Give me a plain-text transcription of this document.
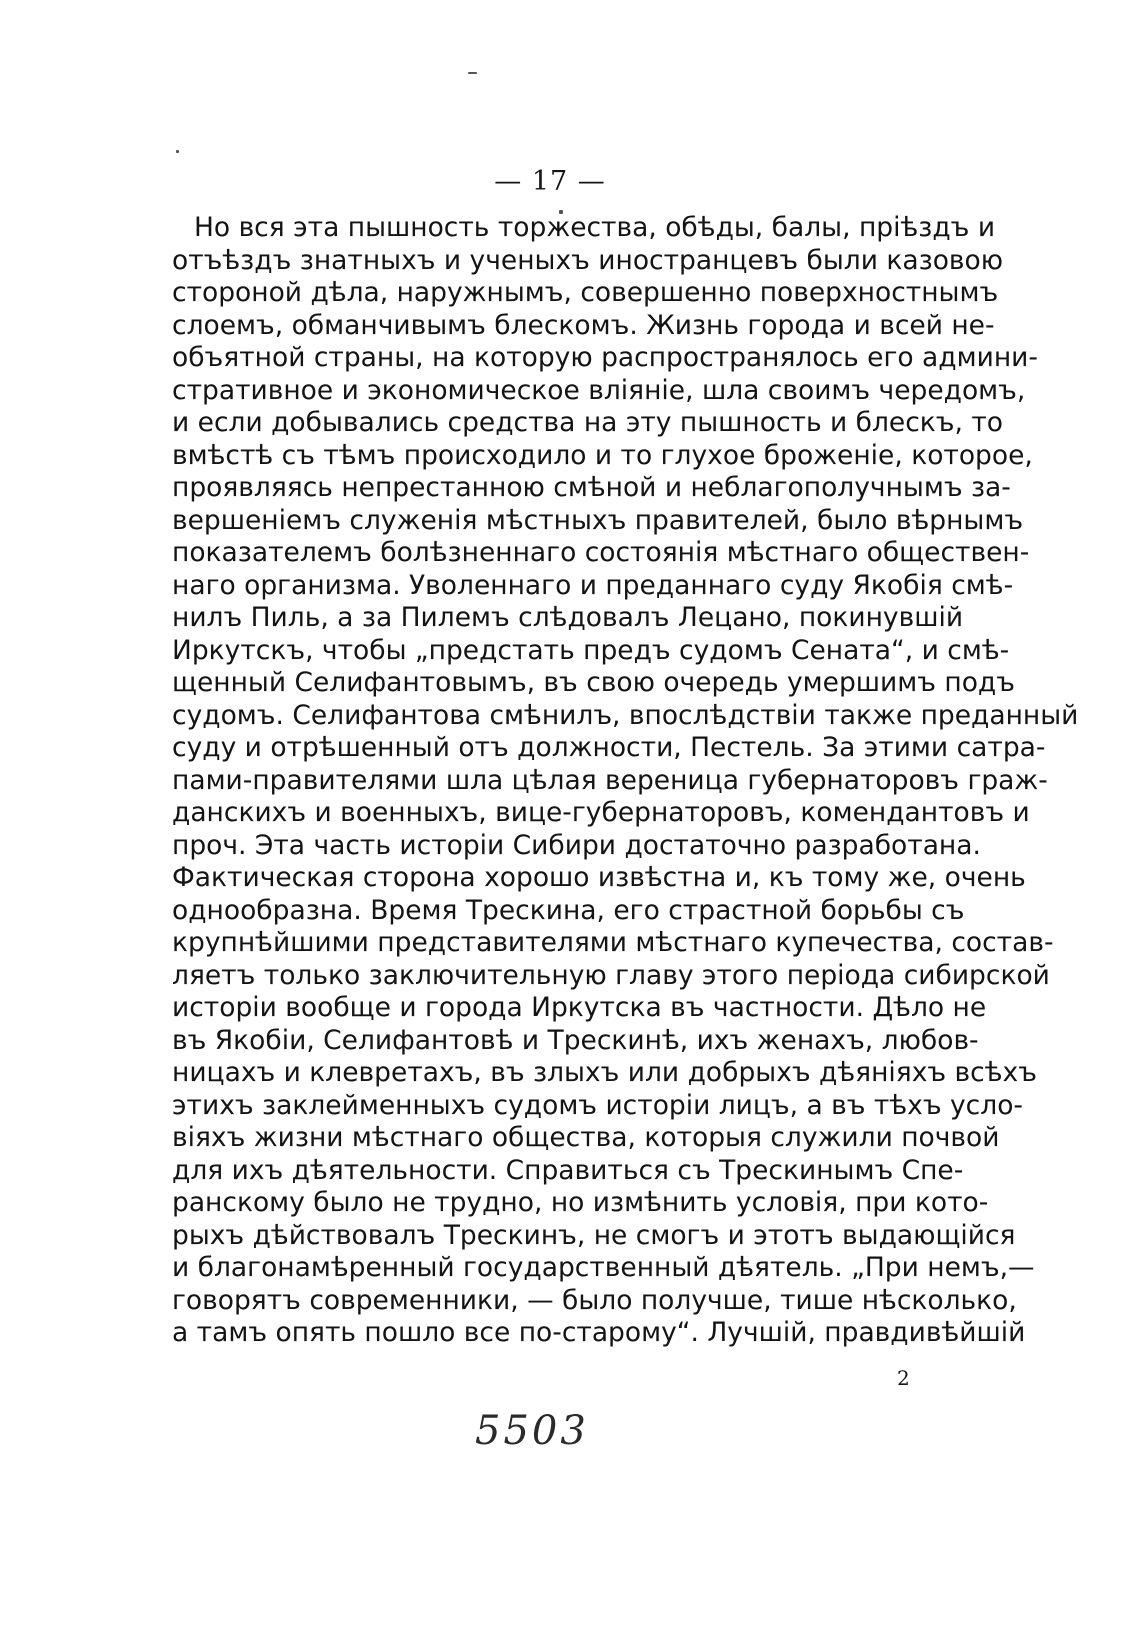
— 17 —
Но вся эта пышность торжества, обѣды, балы, прiѣздъ и
отъѣздъ знатныхъ и ученыхъ иностранцевъ были казовою
стороной дѣла, наружнымъ, совершенно поверхностнымъ
слоемъ, обманчивымъ блескомъ. Жизнь города и всей не-
объятной страны, на которую распространялось его админи-
стративное и экономическое влiянiе, шла своимъ чередомъ,
и если добывались средства на эту пышность и блескъ, то
вмѣстѣ съ тѣмъ происходило и то глухое броженiе, которое,
проявляясь непрестанною смѣной и неблагополучнымъ за-
вершенiемъ служенiя мѣстныхъ правителей, было вѣрнымъ
показателемъ болѣзненнаго состоянiя мѣстнаго обществен-
наго организма. Уволеннаго и преданнаго суду Якобiя смѣ-
нилъ Пиль, а за Пилемъ слѣдовалъ Лецано, покинувшiй
Иркутскъ, чтобы „предстать предъ судомъ Сената“, и смѣ-
щенный Селифантовымъ, въ свою очередь умершимъ подъ
судомъ. Селифантова смѣнилъ, впослѣдствiи также преданный
суду и отрѣшенный отъ должности, Пестель. За этими сатра-
пами-правителями шла цѣлая вереница губернаторовъ граж-
данскихъ и военныхъ, вице-губернаторовъ, комендантовъ и
проч. Эта часть исторiи Сибири достаточно разработана.
Фактическая сторона хорошо извѣстна и, къ тому же, очень
однообразна. Время Трескина, его страстной борьбы съ
крупнѣйшими представителями мѣстнаго купечества, состав-
ляетъ только заключительную главу этого перiода сибирской
исторiи вообще и города Иркутска въ частности. Дѣло не
въ Якобiи, Селифантовѣ и Трескинѣ, ихъ женахъ, любов-
ницахъ и клевретахъ, въ злыхъ или добрыхъ дѣянiяхъ всѣхъ
этихъ заклейменныхъ судомъ исторiи лицъ, а въ тѣхъ усло-
вiяхъ жизни мѣстнаго общества, которыя служили почвой
для ихъ дѣятельности. Справиться съ Трескинымъ Спе-
ранскому было не трудно, но измѣнить условiя, при кото-
рыхъ дѣйствовалъ Трескинъ, не смогъ и этотъ выдающiйся
и благонамѣренный государственный дѣятель. „При немъ,—
говорятъ современники, — было получше, тише нѣсколько,
а тамъ опять пошло все по-старому“. Лучшiй, правдивѣйшiй
2
5503
